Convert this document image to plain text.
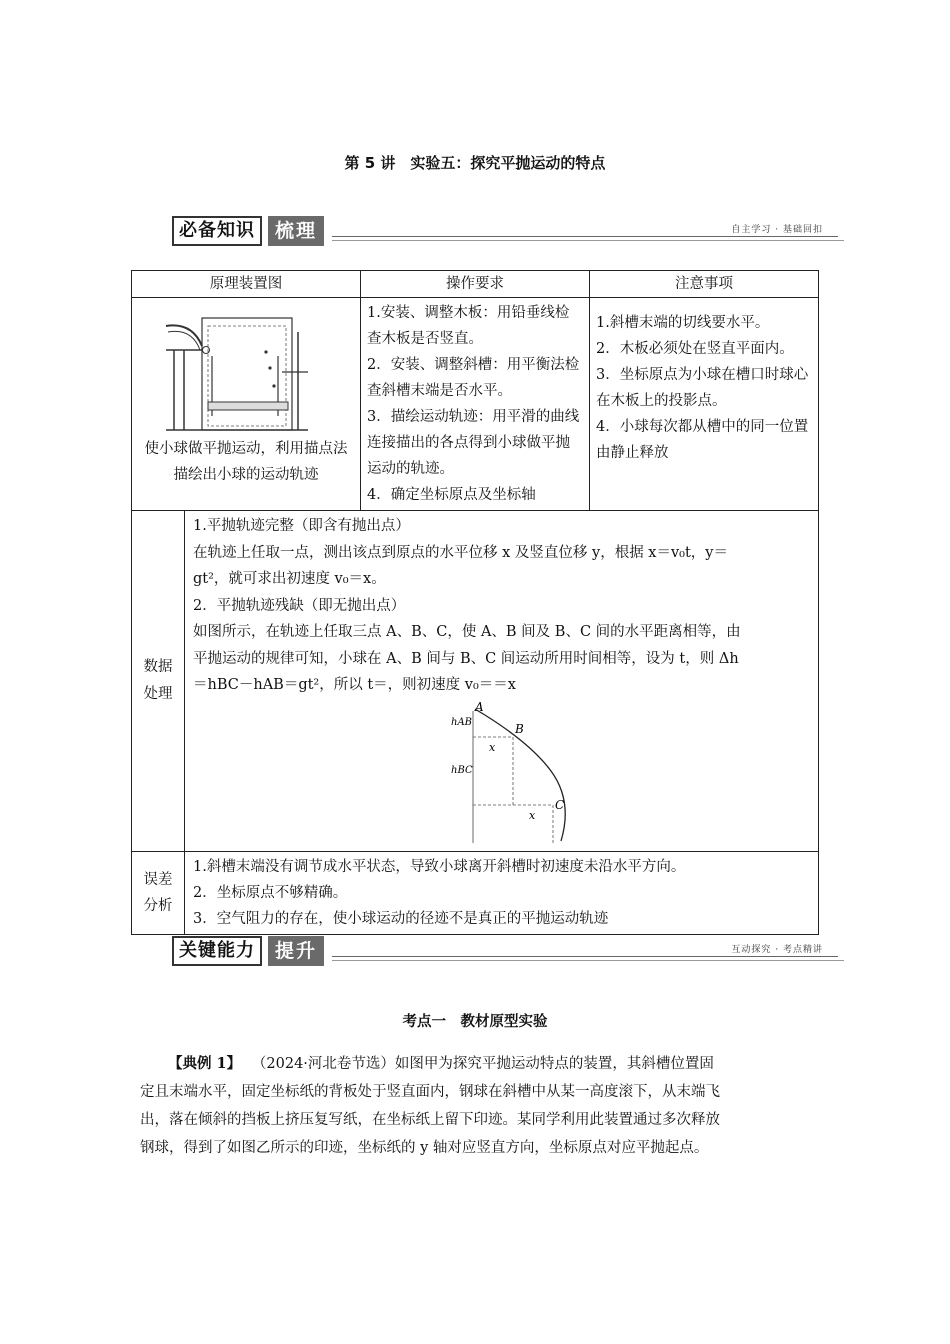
第 5 讲　实验五：探究平抛运动的特点
必备知识	梳理	自主学习 · 基础回扣
原理装置图	操作要求	注意事项

使小球做平抛运动，利用描点法描绘出小球的运动轨迹

1.安装、调整木板：用铅垂线检查木板是否竖直。
2．安装、调整斜槽：用平衡法检查斜槽末端是否水平。
3．描绘运动轨迹：用平滑的曲线连接描出的各点得到小球做平抛运动的轨迹。
4．确定坐标原点及坐标轴

1.斜槽末端的切线要水平。
2．木板必须处在竖直平面内。
3．坐标原点为小球在槽口时球心在木板上的投影点。
4．小球每次都从槽中的同一位置由静止释放

数据处理

1.平抛轨迹完整（即含有抛出点）
在轨迹上任取一点，测出该点到原点的水平位移 x 及竖直位移 y，根据 x＝v₀t，y＝
gt²，就可求出初速度 v₀＝x。
2．平抛轨迹残缺（即无抛出点）
如图所示，在轨迹上任取三点 A、B、C，使 A、B 间及 B、C 间的水平距离相等，由
平抛运动的规律可知，小球在 A、B 间与 B、C 间运动所用时间相等，设为 t，则 Δh
＝hBC－hAB＝gt²，所以 t＝，则初速度 v₀＝＝x
A
B
C
hAB
hBC
x
x

误差分析

1.斜槽末端没有调节成水平状态，导致小球离开斜槽时初速度未沿水平方向。
2．坐标原点不够精确。
3．空气阻力的存在，使小球运动的径迹不是真正的平抛运动轨迹
关键能力	提升	互动探究 · 考点精讲
考点一　教材原型实验
【典例 1】 （2024·河北卷节选）如图甲为探究平抛运动特点的装置，其斜槽位置固
定且末端水平，固定坐标纸的背板处于竖直面内，钢球在斜槽中从某一高度滚下，从末端飞
出，落在倾斜的挡板上挤压复写纸，在坐标纸上留下印迹。某同学利用此装置通过多次释放
钢球，得到了如图乙所示的印迹，坐标纸的 y 轴对应竖直方向，坐标原点对应平抛起点。
